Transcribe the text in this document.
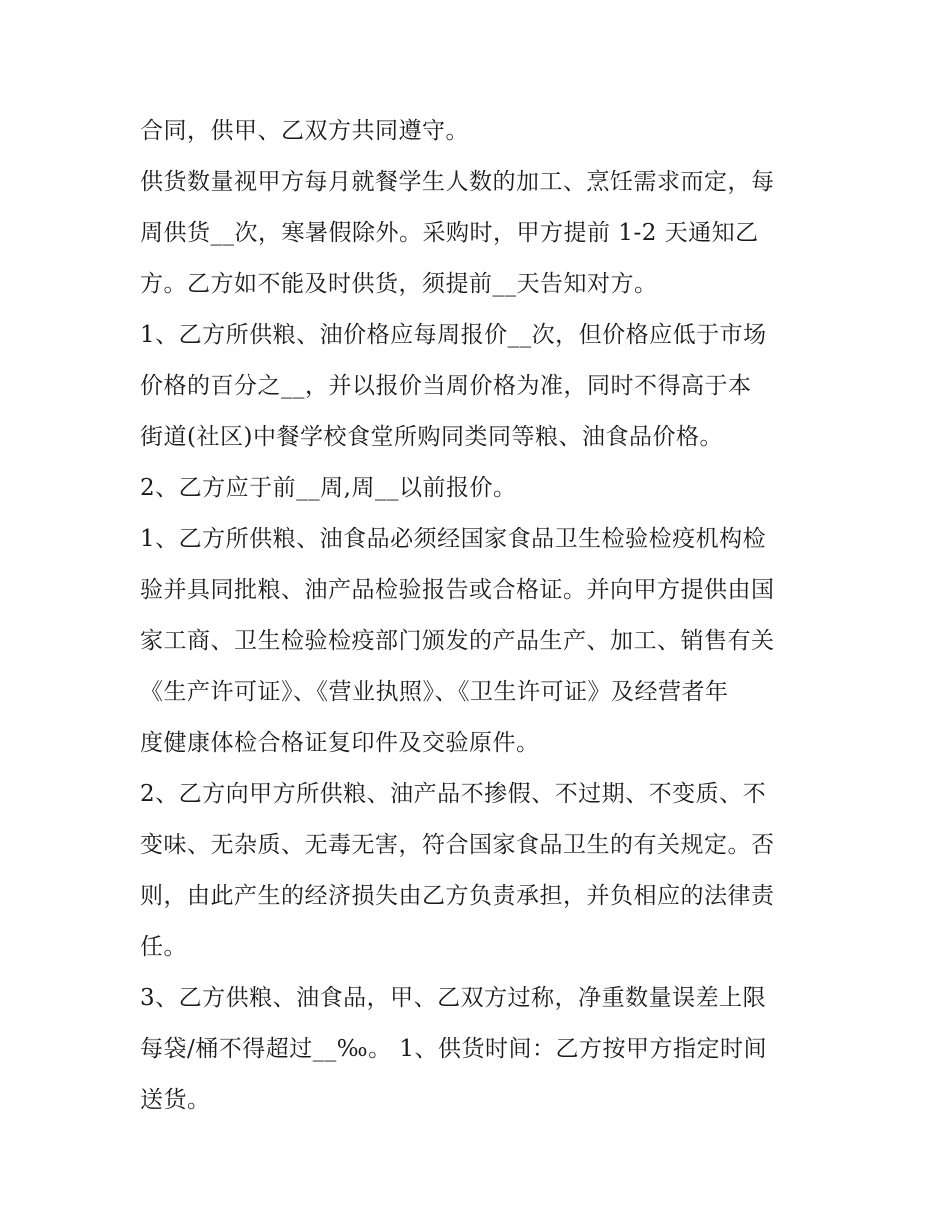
合同，供甲、乙双方共同遵守。
供货数量视甲方每月就餐学生人数的加工、烹饪需求而定，每
周供货__次，寒暑假除外。采购时，甲方提前 1-2 天通知乙
方。乙方如不能及时供货，须提前__天告知对方。
1、乙方所供粮、油价格应每周报价__次，但价格应低于市场
价格的百分之__，并以报价当周价格为准，同时不得高于本
街道(社区)中餐学校食堂所购同类同等粮、油食品价格。
2、乙方应于前__周,周__以前报价。
1、乙方所供粮、油食品必须经国家食品卫生检验检疫机构检
验并具同批粮、油产品检验报告或合格证。并向甲方提供由国
家工商、卫生检验检疫部门颁发的产品生产、加工、销售有关
《生产许可证》、《营业执照》、《卫生许可证》及经营者年
度健康体检合格证复印件及交验原件。
2、乙方向甲方所供粮、油产品不掺假、不过期、不变质、不
变味、无杂质、无毒无害，符合国家食品卫生的有关规定。否
则，由此产生的经济损失由乙方负责承担，并负相应的法律责
任。
3、乙方供粮、油食品，甲、乙双方过称，净重数量误差上限
每袋/桶不得超过__‰。 1、供货时间：乙方按甲方指定时间
送货。
